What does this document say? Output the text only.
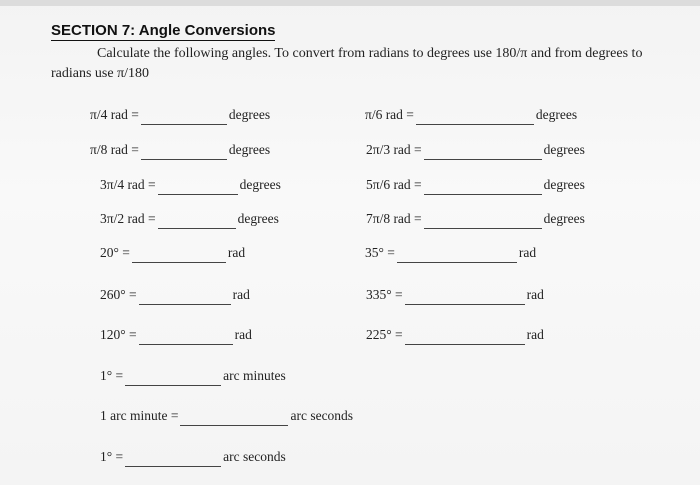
SECTION 7: Angle Conversions
Calculate the following angles. To convert from radians to degrees use 180/π and from degrees to radians use π/180
π/4 rad =	degrees	π/6 rad =	degrees
π/8 rad =	degrees	2π/3 rad =	degrees
3π/4 rad =	degrees	5π/6 rad =	degrees
3π/2 rad =	degrees	7π/8 rad =	degrees
20° =	rad	35° =	rad
260° =	rad	335° =	rad
120° =	rad	225° =	rad
1° =	arc minutes
1 arc minute =	arc seconds
1° =	arc seconds
